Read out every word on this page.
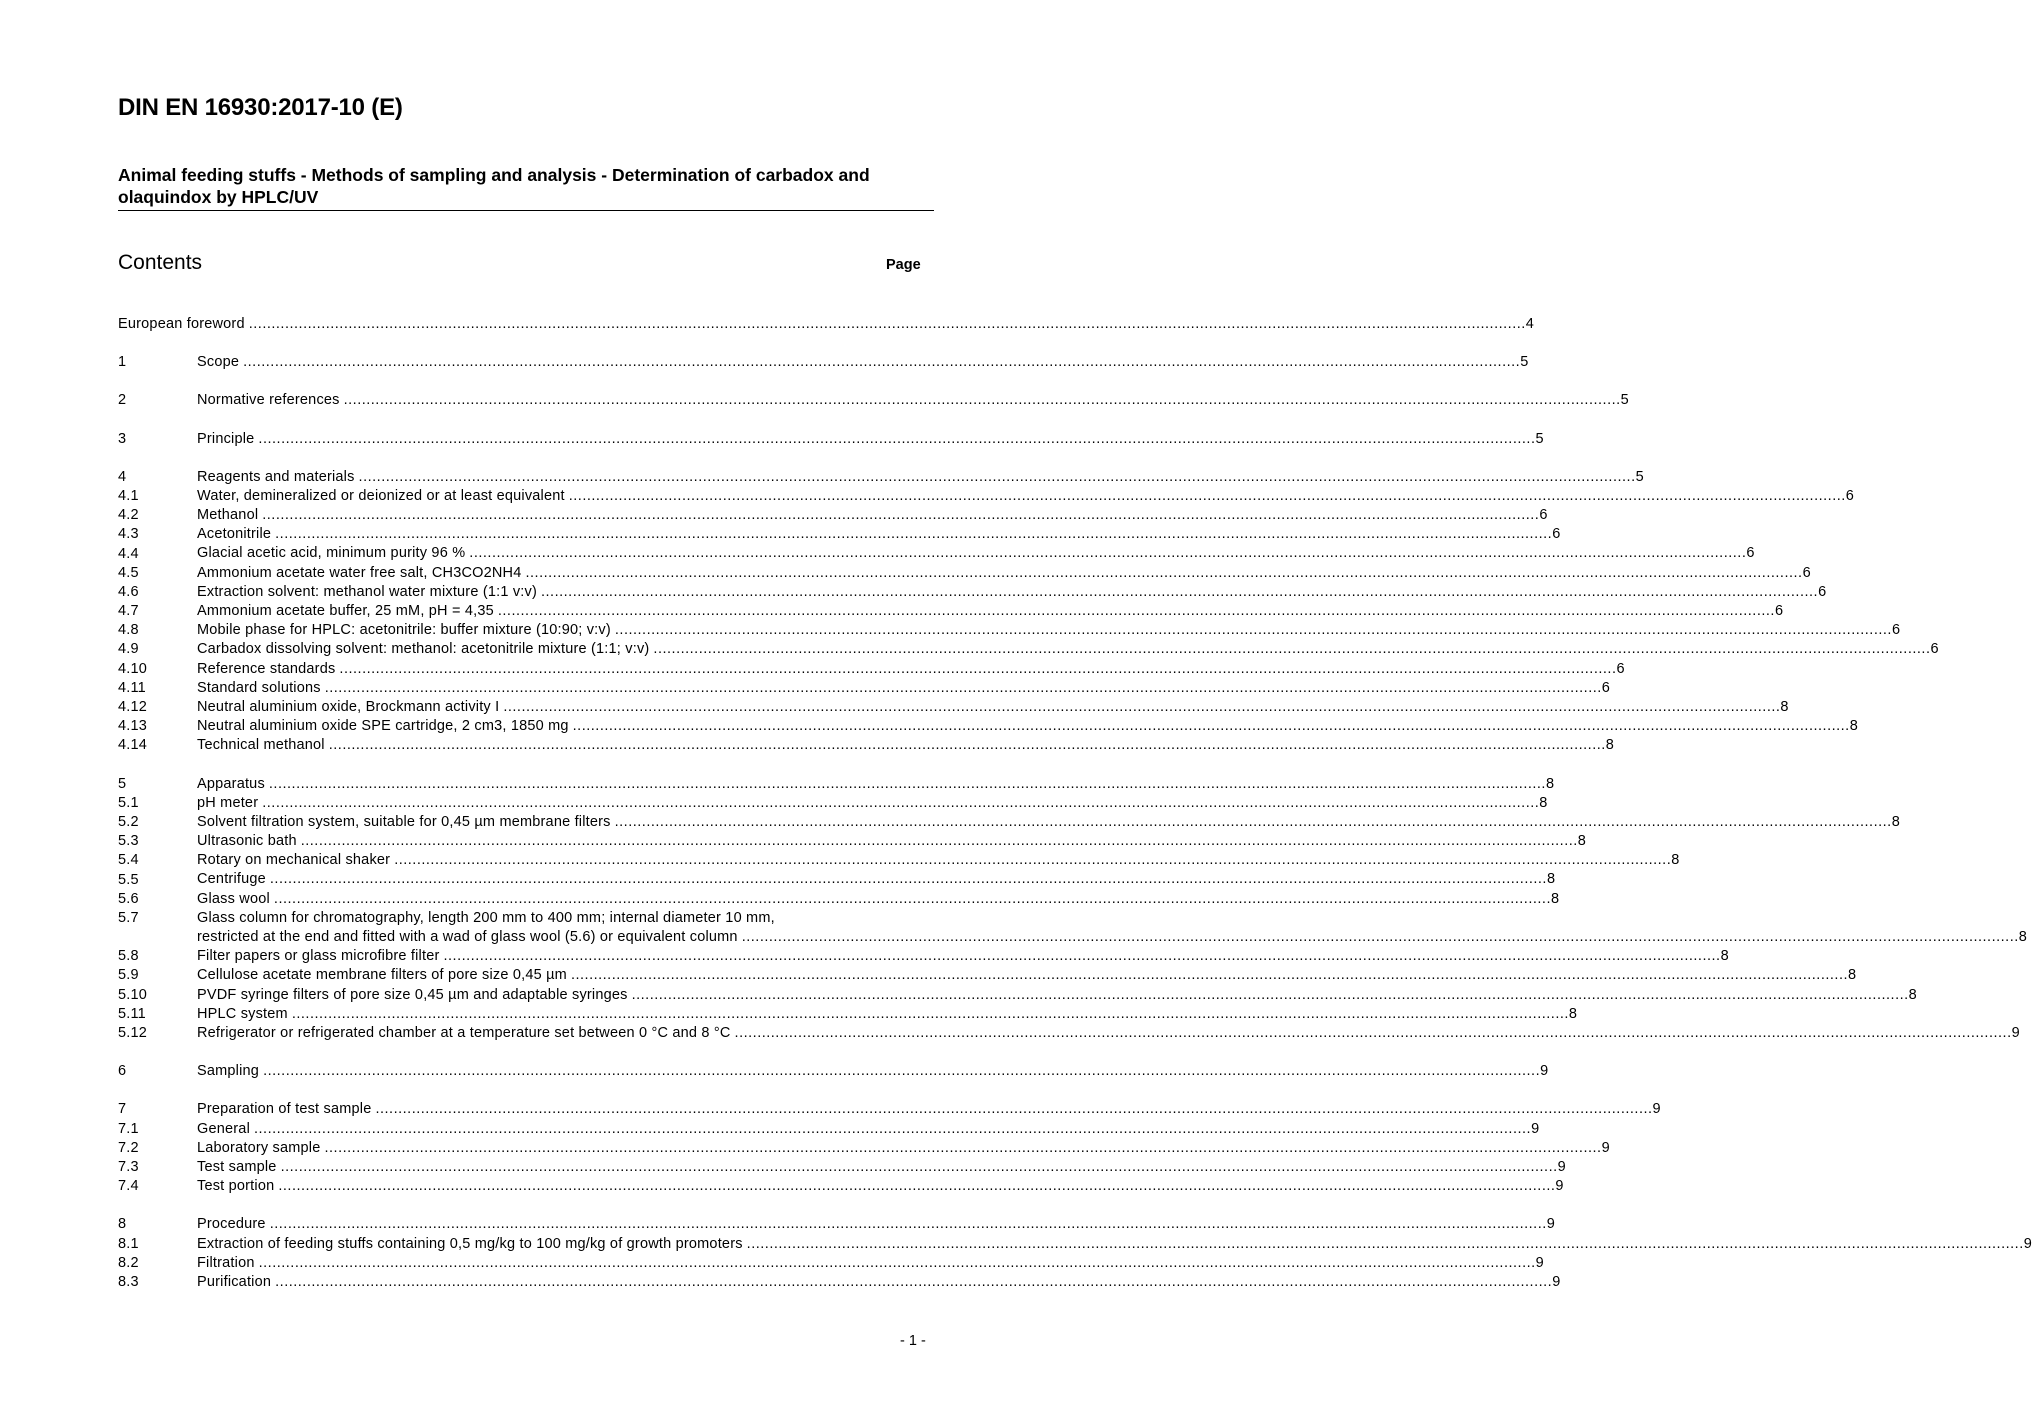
DIN EN 16930:2017-10 (E)
Animal feeding stuffs - Methods of sampling and analysis - Determination of carbadox and olaquindox by HPLC/UV
Contents	Page
European foreword .....	4
1	Scope .....	5
2	Normative references .....	5
3	Principle .....	5
4	Reagents and materials .....	5
4.1	Water, demineralized or deionized or at least equivalent .....	6
4.2	Methanol .....	6
4.3	Acetonitrile .....	6
4.4	Glacial acetic acid, minimum purity 96 % .....	6
4.5	Ammonium acetate water free salt, CH3CO2NH4 .....	6
4.6	Extraction solvent: methanol water mixture (1:1 v:v) .....	6
4.7	Ammonium acetate buffer, 25 mM, pH = 4,35 .....	6
4.8	Mobile phase for HPLC: acetonitrile: buffer mixture (10:90; v:v) .....	6
4.9	Carbadox dissolving solvent: methanol: acetonitrile mixture (1:1; v:v) .....	6
4.10	Reference standards .....	6
4.11	Standard solutions .....	6
4.12	Neutral aluminium oxide, Brockmann activity I .....	8
4.13	Neutral aluminium oxide SPE cartridge, 2 cm3, 1850 mg .....	8
4.14	Technical methanol .....	8
5	Apparatus .....	8
5.1	pH meter .....	8
5.2	Solvent filtration system, suitable for 0,45 µm membrane filters .....	8
5.3	Ultrasonic bath .....	8
5.4	Rotary on mechanical shaker .....	8
5.5	Centrifuge .....	8
5.6	Glass wool .....	8
5.7	Glass column for chromatography, length 200 mm to 400 mm; internal diameter 10 mm,
restricted at the end and fitted with a wad of glass wool (5.6) or equivalent column .....	8
5.8	Filter papers or glass microfibre filter .....	8
5.9	Cellulose acetate membrane filters of pore size 0,45 µm .....	8
5.10	PVDF syringe filters of pore size 0,45 µm and adaptable syringes .....	8
5.11	HPLC system .....	8
5.12	Refrigerator or refrigerated chamber at a temperature set between 0 °C and 8 °C .....	9
6	Sampling .....	9
7	Preparation of test sample .....	9
7.1	General .....	9
7.2	Laboratory sample .....	9
7.3	Test sample .....	9
7.4	Test portion .....	9
8	Procedure .....	9
8.1	Extraction of feeding stuffs containing 0,5 mg/kg to 100 mg/kg of growth promoters .....	9
8.2	Filtration .....	9
8.3	Purification .....	9
- 1 -
